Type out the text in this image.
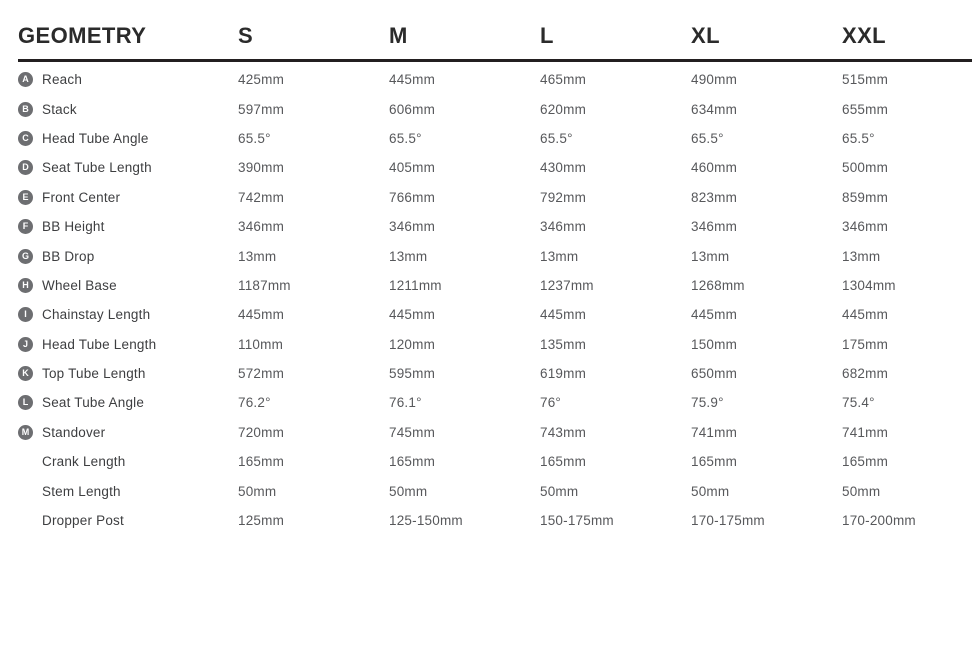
GEOMETRY	S	M	L	XL	XXL
A Reach	425mm	445mm	465mm	490mm	515mm
B Stack	597mm	606mm	620mm	634mm	655mm
C Head Tube Angle	65.5°	65.5°	65.5°	65.5°	65.5°
D Seat Tube Length	390mm	405mm	430mm	460mm	500mm
E	Front Center	742mm	766mm	792mm	823mm	859mm
F	BB Height	346mm	346mm	346mm	346mm	346mm
G BB Drop	13mm	13mm	13mm	13mm	13mm
H Wheel Base	1187mm	1211mm	1237mm	1268mm	1304mm
I	Chainstay Length	445mm	445mm	445mm	445mm	445mm
J	Head Tube Length	110mm	120mm	135mm	150mm	175mm
K Top Tube Length	572mm	595mm	619mm	650mm	682mm
L	Seat Tube Angle	76.2°	76.1°	76°	75.9°	75.4°
M Standover	720mm	745mm	743mm	741mm	741mm
Crank Length	165mm	165mm	165mm	165mm	165mm
Stem Length	50mm	50mm	50mm	50mm	50mm
Dropper Post	125mm	125-150mm	150-175mm	170-175mm	170-200mm
